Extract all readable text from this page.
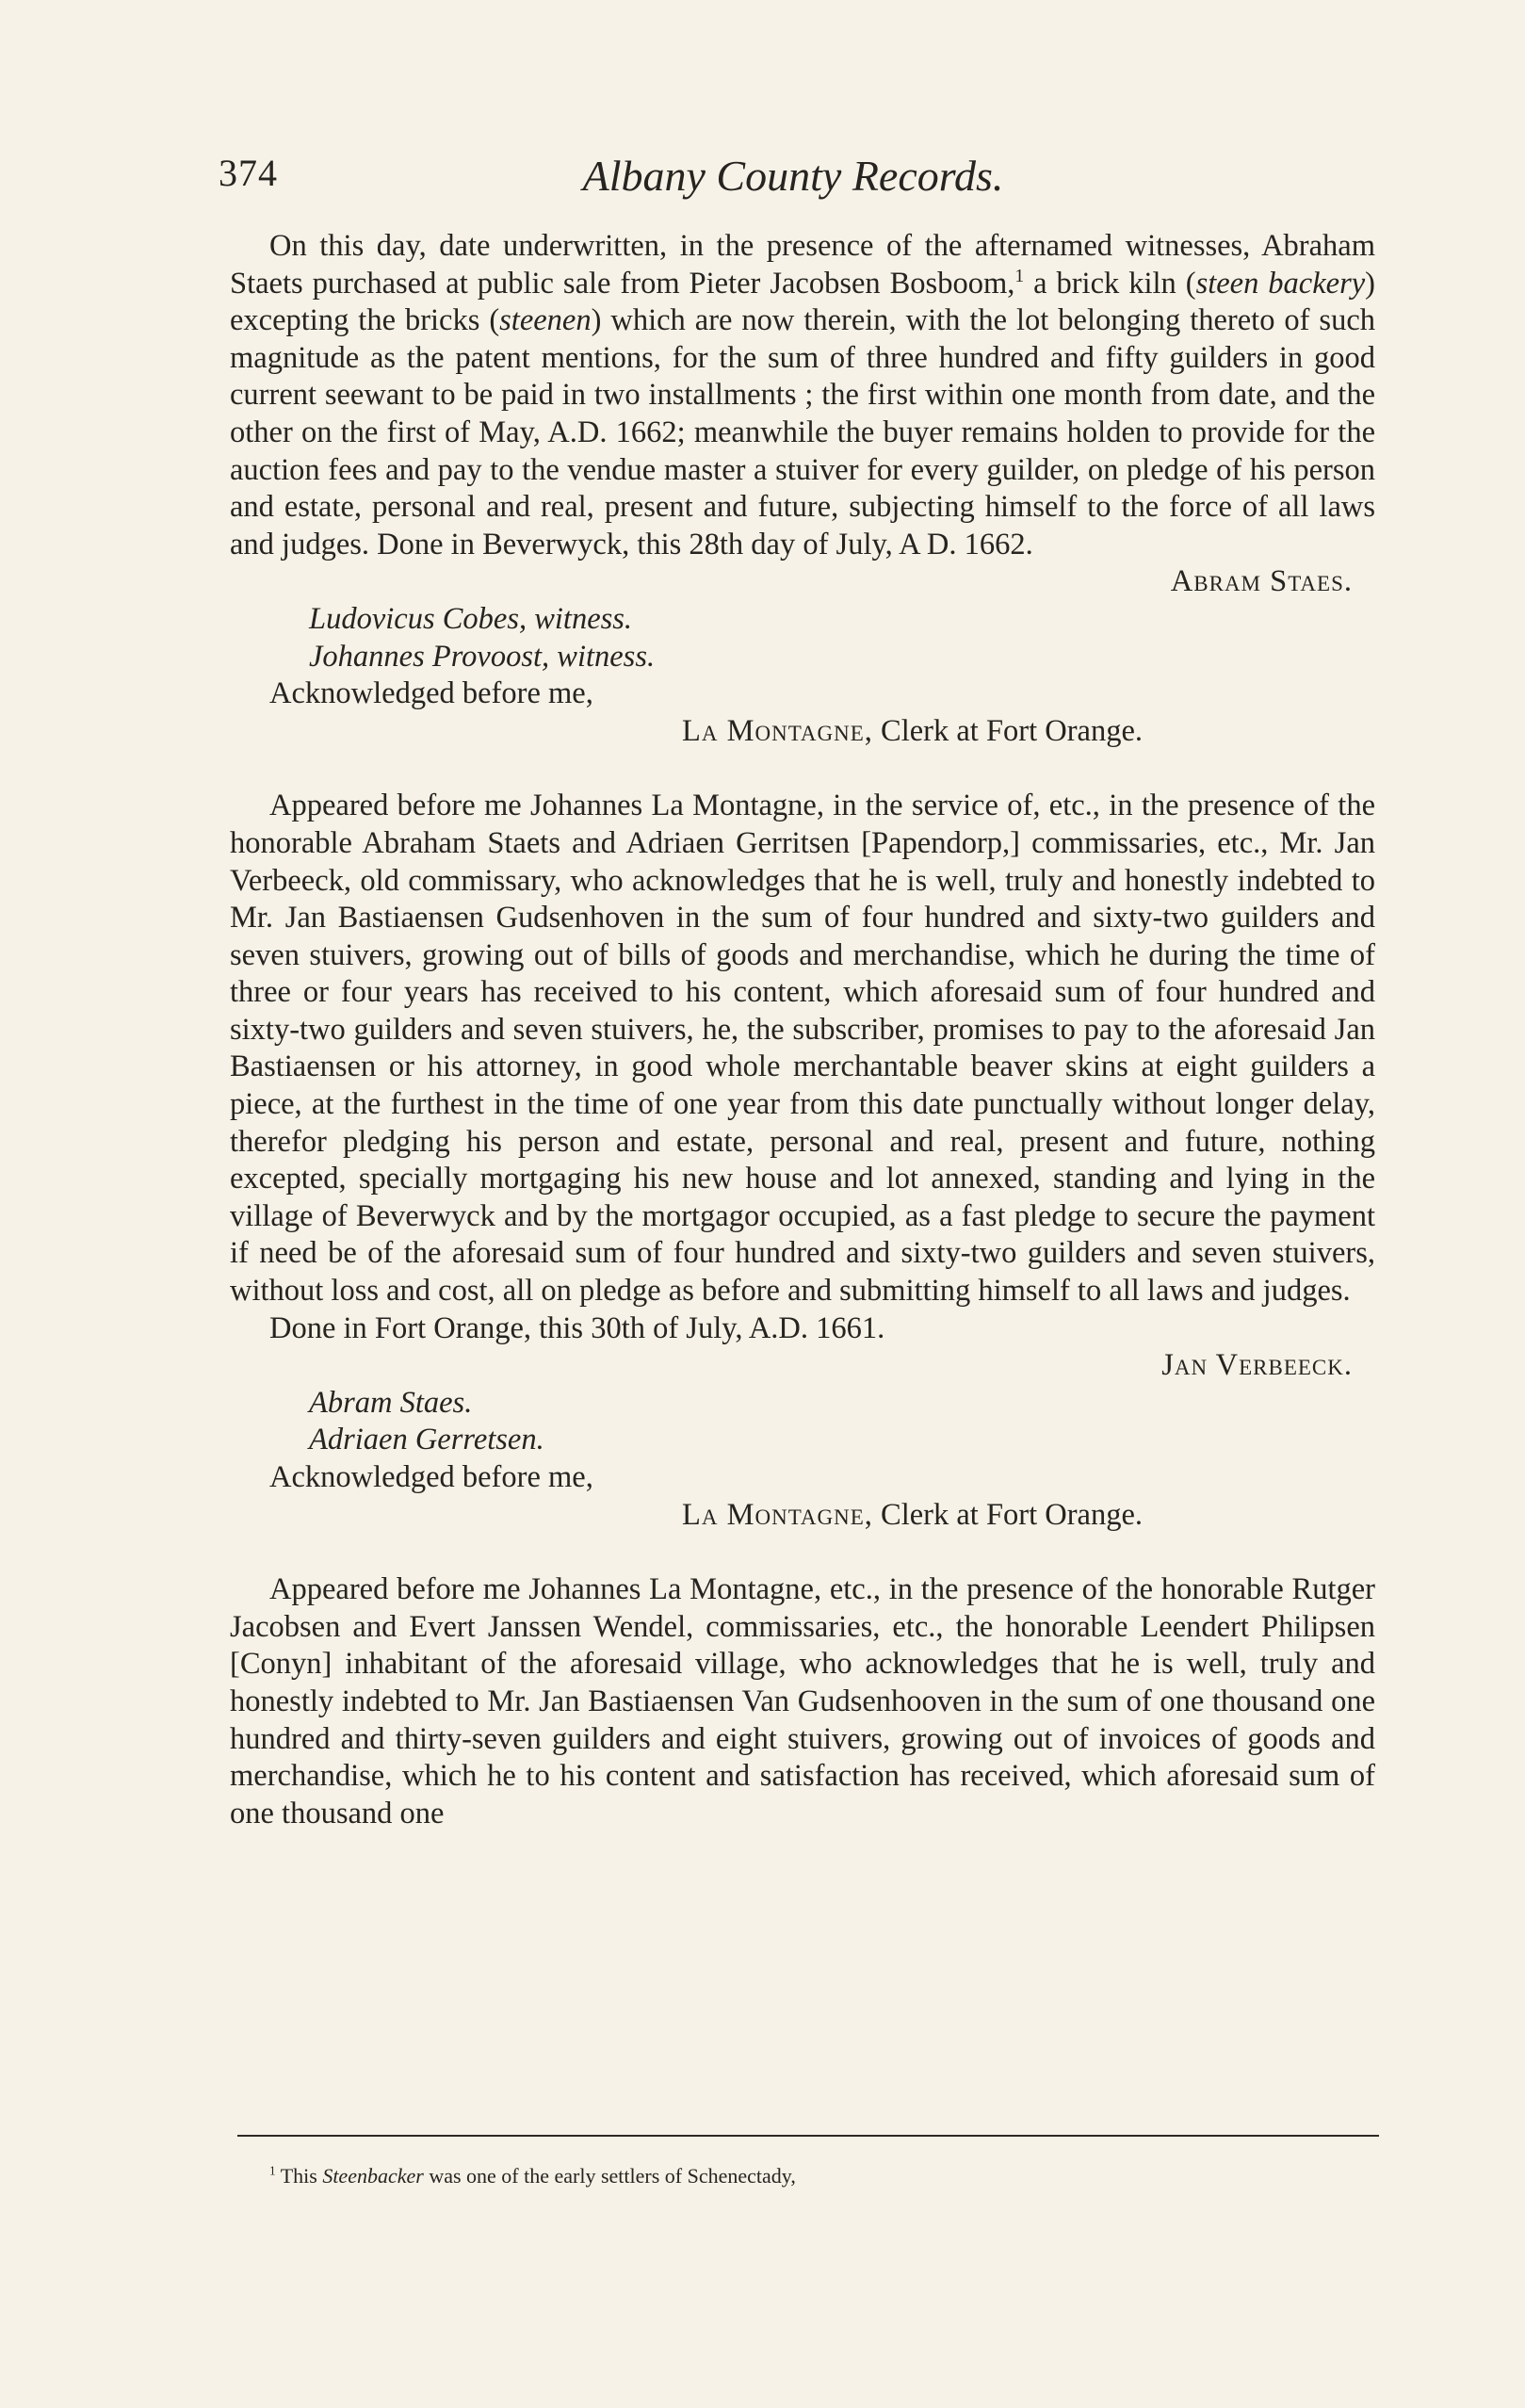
374	Albany County Records.

On this day, date underwritten, in the presence of the afternamed witnesses, Abraham Staets purchased at public sale from Pieter Jacobsen Bosboom,$^1$ a brick kiln (steen backery) excepting the bricks (steenen) which are now therein, with the lot belonging thereto of such magnitude as the patent mentions, for the sum of three hundred and fifty guilders in good current seewant to be paid in two installments ; the first within one month from date, and the other on the first of May, A.D. 1662; meanwhile the buyer remains holden to provide for the auction fees and pay to the vendue master a stuiver for every guilder, on pledge of his person and estate, personal and real, present and future, subjecting himself to the force of all laws and judges. Done in Beverwyck, this 28th day of July, A D. 1662.

Abram Staes.
Ludovicus Cobes, witness.
Johannes Provoost, witness.
Acknowledged before me,
La Montagne, Clerk at Fort Orange.

Appeared before me Johannes La Montagne, in the service of, etc., in the presence of the honorable Abraham Staets and Adriaen Gerritsen [Papendorp,] commissaries, etc., Mr. Jan Verbeeck, old commissary, who acknowledges that he is well, truly and honestly indebted to Mr. Jan Bastiaensen Gudsenhoven in the sum of four hundred and sixty-two guilders and seven stuivers, growing out of bills of goods and merchandise, which he during the time of three or four years has received to his content, which aforesaid sum of four hundred and sixty-two guilders and seven stuivers, he, the subscriber, promises to pay to the aforesaid Jan Bastiaensen or his attorney, in good whole merchantable beaver skins at eight guilders a piece, at the furthest in the time of one year from this date punctually without longer delay, therefor pledging his person and estate, personal and real, present and future, nothing excepted, specially mortgaging his new house and lot annexed, standing and lying in the village of Beverwyck and by the mortgagor occupied, as a fast pledge to secure the payment if need be of the aforesaid sum of four hundred and sixty-two guilders and seven stuivers, without loss and cost, all on pledge as before and submitting himself to all laws and judges.

Done in Fort Orange, this 30th of July, A.D. 1661.

Jan Verbeeck.
Abram Staes.
Adriaen Gerretsen.
Acknowledged before me,
La Montagne, Clerk at Fort Orange.

Appeared before me Johannes La Montagne, etc., in the presence of the honorable Rutger Jacobsen and Evert Janssen Wendel, commissaries, etc., the honorable Leendert Philipsen [Conyn] inhabitant of the aforesaid village, who acknowledges that he is well, truly and honestly indebted to Mr. Jan Bastiaensen Van Gudsenhooven in the sum of one thousand one hundred and thirty-seven guilders and eight stuivers, growing out of invoices of goods and merchandise, which he to his content and satisfaction has received, which aforesaid sum of one thousand one

$^1$ This Steenbacker was one of the early settlers of Schenectady,
